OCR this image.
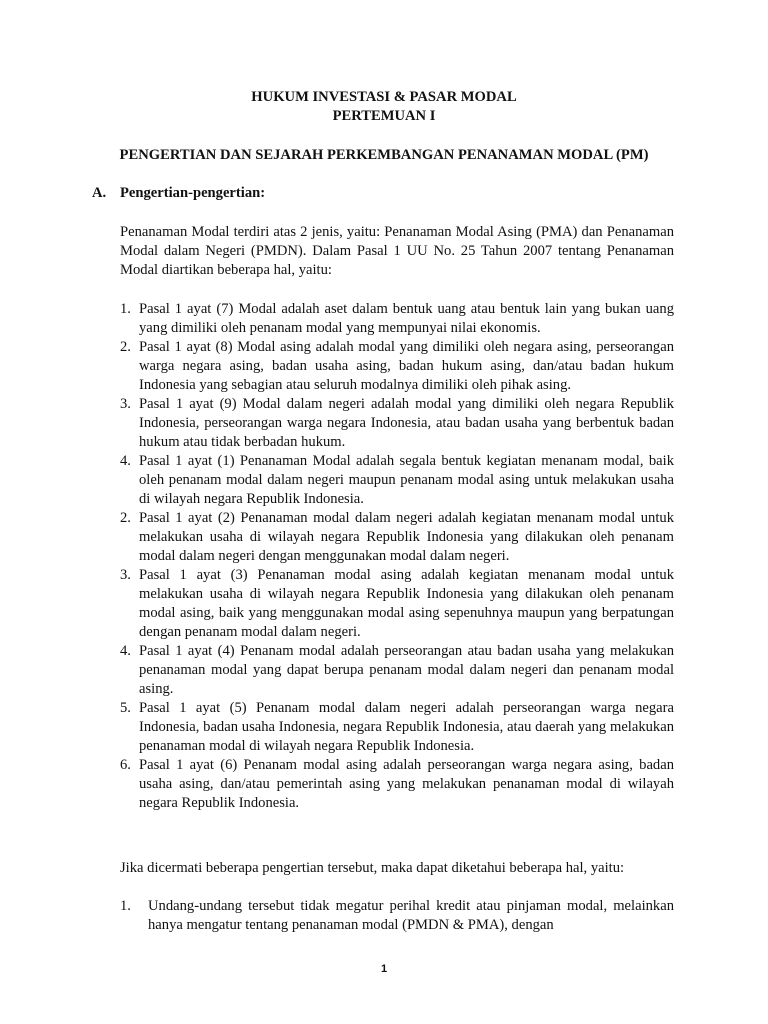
HUKUM INVESTASI & PASAR MODAL
PERTEMUAN I
PENGERTIAN DAN SEJARAH PERKEMBANGAN PENANAMAN MODAL (PM)
A. Pengertian-pengertian:
Penanaman Modal terdiri atas 2 jenis, yaitu: Penanaman Modal Asing (PMA) dan Penanaman Modal dalam Negeri (PMDN). Dalam Pasal 1 UU No. 25 Tahun 2007 tentang Penanaman Modal diartikan beberapa hal, yaitu:
1. Pasal 1 ayat (7) Modal adalah aset dalam bentuk uang atau bentuk lain yang bukan uang yang dimiliki oleh penanam modal yang mempunyai nilai ekonomis.
2. Pasal 1 ayat (8) Modal asing adalah modal yang dimiliki oleh negara asing, perseorangan warga negara asing, badan usaha asing, badan hukum asing, dan/atau badan hukum Indonesia yang sebagian atau seluruh modalnya dimiliki oleh pihak asing.
3. Pasal 1 ayat (9) Modal dalam negeri adalah modal yang dimiliki oleh negara Republik Indonesia, perseorangan warga negara Indonesia, atau badan usaha yang berbentuk badan hukum atau tidak berbadan hukum.
4. Pasal 1 ayat (1) Penanaman Modal adalah segala bentuk kegiatan menanam modal, baik oleh penanam modal dalam negeri maupun penanam modal asing untuk melakukan usaha di wilayah negara Republik Indonesia.
2. Pasal 1 ayat (2) Penanaman modal dalam negeri adalah kegiatan menanam modal untuk melakukan usaha di wilayah negara Republik Indonesia yang dilakukan oleh penanam modal dalam negeri dengan menggunakan modal dalam negeri.
3. Pasal 1 ayat (3) Penanaman modal asing adalah kegiatan menanam modal untuk melakukan usaha di wilayah negara Republik Indonesia yang dilakukan oleh penanam modal asing, baik yang menggunakan modal asing sepenuhnya maupun yang berpatungan dengan penanam modal dalam negeri.
4. Pasal 1 ayat (4) Penanam modal adalah perseorangan atau badan usaha yang melakukan penanaman modal yang dapat berupa penanam modal dalam negeri dan penanam modal asing.
5. Pasal 1 ayat (5) Penanam modal dalam negeri adalah perseorangan warga negara Indonesia, badan usaha Indonesia, negara Republik Indonesia, atau daerah yang melakukan penanaman modal di wilayah negara Republik Indonesia.
6. Pasal 1 ayat (6) Penanam modal asing adalah perseorangan warga negara asing, badan usaha asing, dan/atau pemerintah asing yang melakukan penanaman modal di wilayah negara Republik Indonesia.
Jika dicermati beberapa pengertian tersebut, maka dapat diketahui beberapa hal, yaitu:
1. Undang-undang tersebut tidak megatur perihal kredit atau pinjaman modal, melainkan hanya mengatur tentang penanaman modal (PMDN & PMA), dengan
1
